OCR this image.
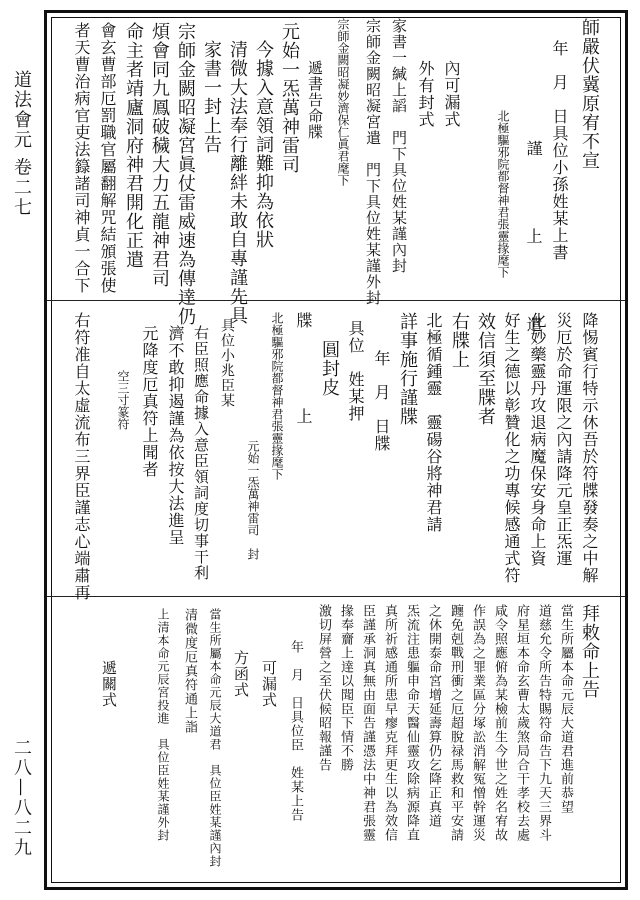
道法會元 卷二七
二八—八二九
師嚴伏冀原宥不宣
年　月　日具位小孫姓某上書
謹　上　遣
北極驅邪院都督神君張靈掾麾下
內可漏式
外有封式
家書一緘上謟　門下具位姓某謹內封
宗師金闕昭凝宮遣　門下具位姓某謹外封
宗師金闕昭凝妙濟保仁眞君麾下
遞書告命牒
元始一炁萬神雷司
今據入意領詞難抑為依狀
清微大法奉行離絆未敢自專謹先具
家書一封上告
宗師金闕昭凝宮眞仗雷威速為傳達仍
煩會同九鳳破穢大力五龍神君司
命主者靖廬洞府神君開化正遣
會玄曹部厄罰職官屬翻解咒結頒張使
者天曹治病官吏法籙諸司神貞一合下
降惕賓行特示休吾於符牒發奏之中解
災厄於命運限之內請降元皇正炁運
化妙藥靈丹攻退病魔保安身命上資
好生之德以彰贊化之功專候感通式符
效信須至牒者
右牒上
北極循鍾靈　靈碭谷將神君請
詳事施行謹牒
年　月　日牒
具位　姓某押
圓封皮
牒上
北極驅邪院都督神君張靈掾麾下
元始一炁萬神雷司　封
具位小兆臣某
右臣照應命據入意臣領詞度切事干利
濟不敢抑遏謹為依按大法進呈
元降度厄真符上聞者
空三寸篆符
右符准自太虛流布三界臣謹志心端肅再
拜敕命上告
當生所屬本命元辰大道君進前恭望
道慈允令所告特賜符命告下九天三界斗
府星垣本命玄曹太歲煞局合干孝校去處
咸令照應俯為某檢前生今世之姓名宥故
作誤為之罪業區分塚訟消解冤憎幹運災
躔免剋戰刑衝之厄超脫禄馬救和平安請
之休開泰命宮增延壽算仍乞降正真道
炁流注患軀申命天醫仙靈攻除病源降直
真所祈感通所患早瘳克拜更生以為效信
臣謹承洞真無由面告謹憑法中神君張靈
掾奉齎上達以聞臣下情不勝
激切屏營之至伏候昭報謹告
年　月　日具位臣　姓某上告
可漏式
方函式
當生所屬本命元辰大道君　具位臣姓某謹內封
清微度厄真符通上詣
上清本命元辰宮投進　具位臣姓某謹外封
遞關式
